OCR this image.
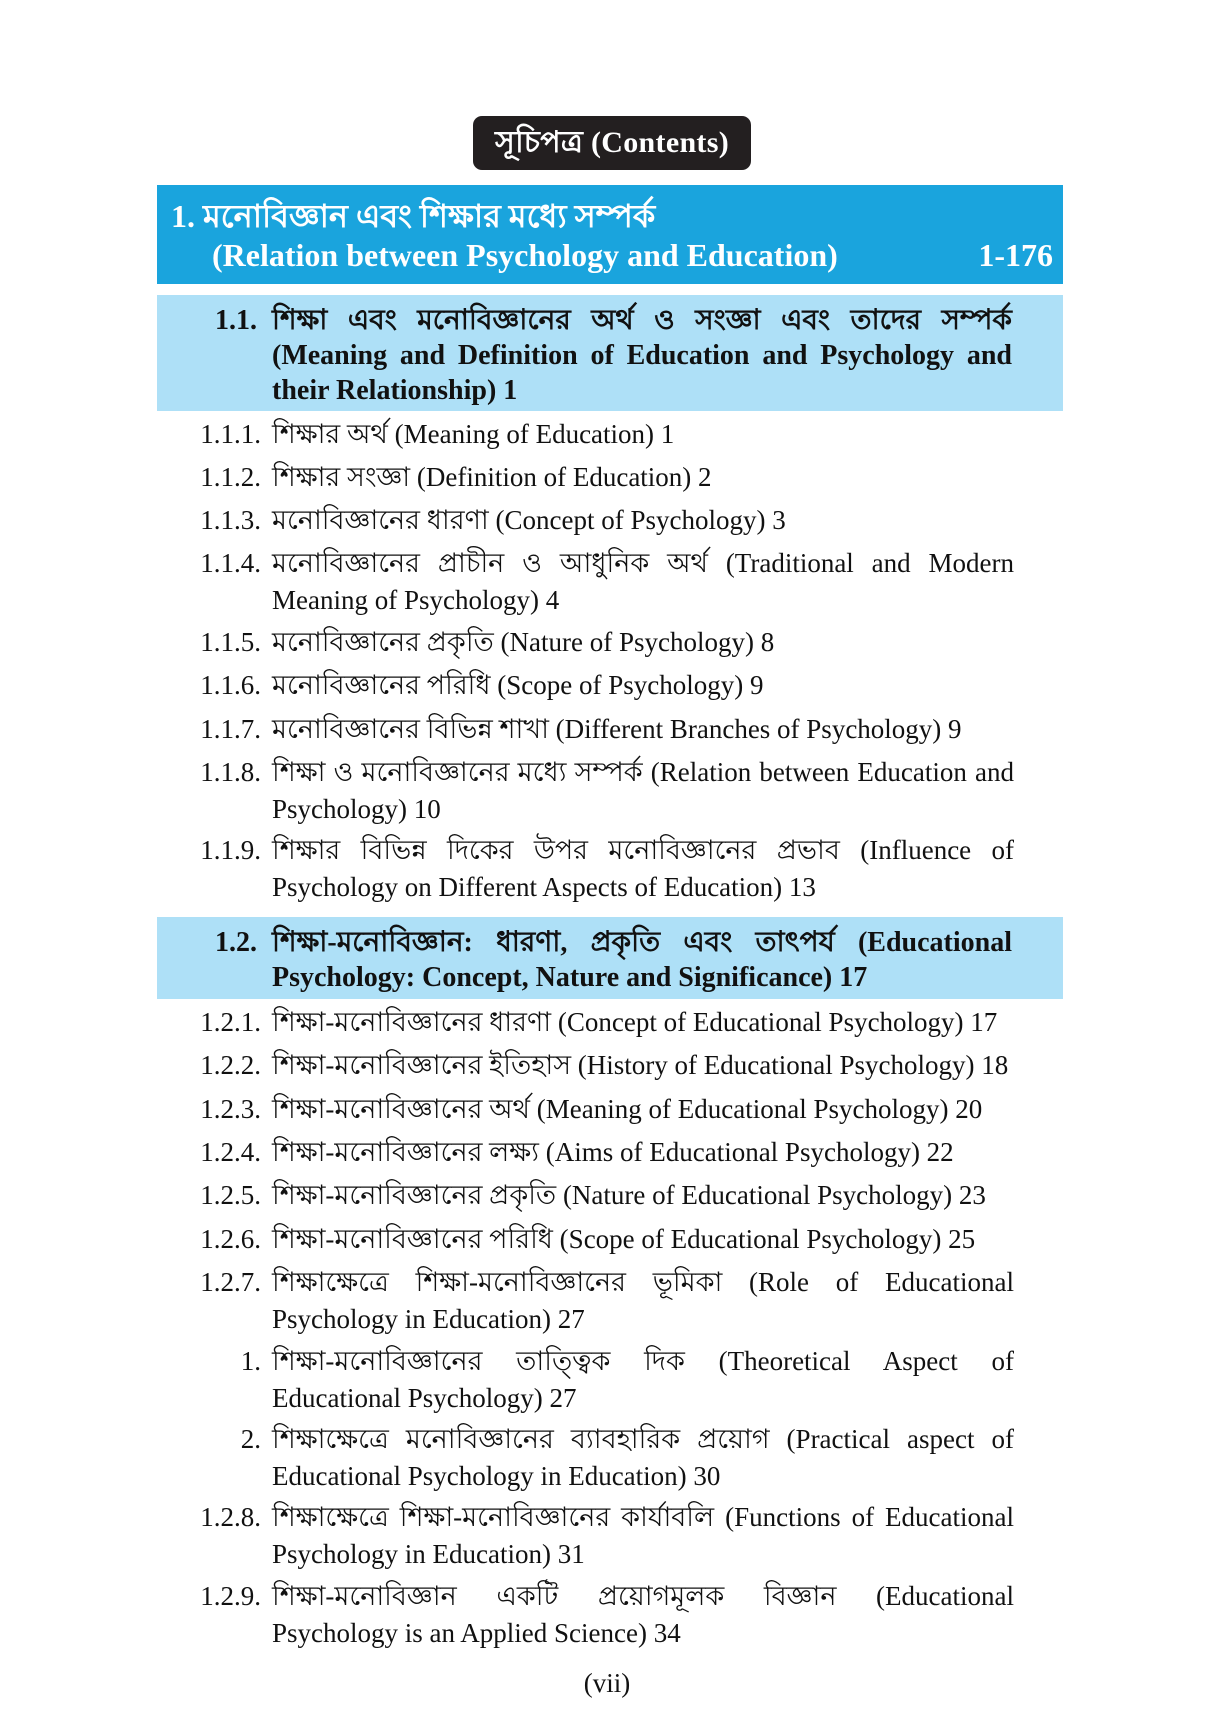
সূচিপত্র (Contents)
1. মনোবিজ্ঞান এবং শিক্ষার মধ্যে সম্পর্ক
(Relation between Psychology and Education)	1-176
1.1. শিক্ষা এবং মনোবিজ্ঞানের অর্থ ও সংজ্ঞা এবং তাদের সম্পর্ক (Meaning and Definition of Education and Psychology and their Relationship) 1
1.1.1. শিক্ষার অর্থ (Meaning of Education) 1
1.1.2. শিক্ষার সংজ্ঞা (Definition of Education) 2
1.1.3. মনোবিজ্ঞানের ধারণা (Concept of Psychology) 3
1.1.4. মনোবিজ্ঞানের প্রাচীন ও আধুনিক অর্থ (Traditional and Modern Meaning of Psychology) 4
1.1.5. মনোবিজ্ঞানের প্রকৃতি (Nature of Psychology) 8
1.1.6. মনোবিজ্ঞানের পরিধি (Scope of Psychology) 9
1.1.7. মনোবিজ্ঞানের বিভিন্ন শাখা (Different Branches of Psychology) 9
1.1.8. শিক্ষা ও মনোবিজ্ঞানের মধ্যে সম্পর্ক (Relation between Education and Psychology) 10
1.1.9. শিক্ষার বিভিন্ন দিকের উপর মনোবিজ্ঞানের প্রভাব (Influence of Psychology on Different Aspects of Education) 13
1.2. শিক্ষা-মনোবিজ্ঞান: ধারণা, প্রকৃতি এবং তাৎপর্য (Educational Psychology: Concept, Nature and Significance) 17
1.2.1. শিক্ষা-মনোবিজ্ঞানের ধারণা (Concept of Educational Psychology) 17
1.2.2. শিক্ষা-মনোবিজ্ঞানের ইতিহাস (History of Educational Psychology) 18
1.2.3. শিক্ষা-মনোবিজ্ঞানের অর্থ (Meaning of Educational Psychology) 20
1.2.4. শিক্ষা-মনোবিজ্ঞানের লক্ষ্য (Aims of Educational Psychology) 22
1.2.5. শিক্ষা-মনোবিজ্ঞানের প্রকৃতি (Nature of Educational Psychology) 23
1.2.6. শিক্ষা-মনোবিজ্ঞানের পরিধি (Scope of Educational Psychology) 25
1.2.7. শিক্ষাক্ষেত্রে শিক্ষা-মনোবিজ্ঞানের ভূমিকা (Role of Educational Psychology in Education) 27
1. শিক্ষা-মনোবিজ্ঞানের তাত্ত্বিক দিক (Theoretical Aspect of Educational Psychology) 27
2. শিক্ষাক্ষেত্রে মনোবিজ্ঞানের ব্যাবহারিক প্রয়োগ (Practical aspect of Educational Psychology in Education) 30
1.2.8. শিক্ষাক্ষেত্রে শিক্ষা-মনোবিজ্ঞানের কার্যাবলি (Functions of Educational Psychology in Education) 31
1.2.9. শিক্ষা-মনোবিজ্ঞান একটি প্রয়োগমূলক বিজ্ঞান (Educational Psychology is an Applied Science) 34
(vii)
